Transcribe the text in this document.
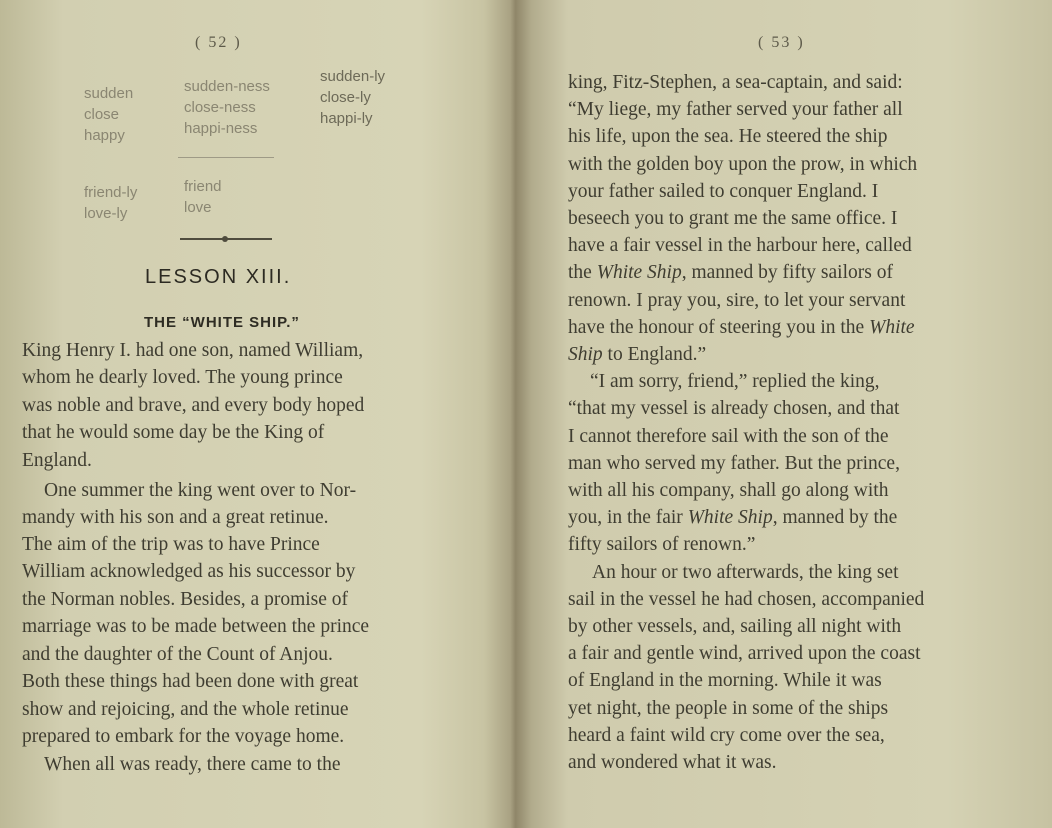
( 52 )
sudden
close
happy
sudden-ness
close-ness
happi-ness
sudden-ly
close-ly
happi-ly
friend-ly
love-ly
friend
love
LESSON XIII.
THE “WHITE SHIP.”
King Henry I. had one son, named William,
whom he dearly loved. The young prince
was noble and brave, and every body hoped
that he would some day be the King of
England.
One summer the king went over to Nor-
mandy with his son and a great retinue.
The aim of the trip was to have Prince
William acknowledged as his successor by
the Norman nobles. Besides, a promise of
marriage was to be made between the prince
and the daughter of the Count of Anjou.
Both these things had been done with great
show and rejoicing, and the whole retinue
prepared to embark for the voyage home.
When all was ready, there came to the
( 53 )
king, Fitz-Stephen, a sea-captain, and said:
“My liege, my father served your father all
his life, upon the sea. He steered the ship
with the golden boy upon the prow, in which
your father sailed to conquer England. I
beseech you to grant me the same office. I
have a fair vessel in the harbour here, called
the White Ship, manned by fifty sailors of
renown. I pray you, sire, to let your servant
have the honour of steering you in the White
Ship to England.”
“I am sorry, friend,” replied the king,
“that my vessel is already chosen, and that
I cannot therefore sail with the son of the
man who served my father. But the prince,
with all his company, shall go along with
you, in the fair White Ship, manned by the
fifty sailors of renown.”
An hour or two afterwards, the king set
sail in the vessel he had chosen, accompanied
by other vessels, and, sailing all night with
a fair and gentle wind, arrived upon the coast
of England in the morning. While it was
yet night, the people in some of the ships
heard a faint wild cry come over the sea,
and wondered what it was.
